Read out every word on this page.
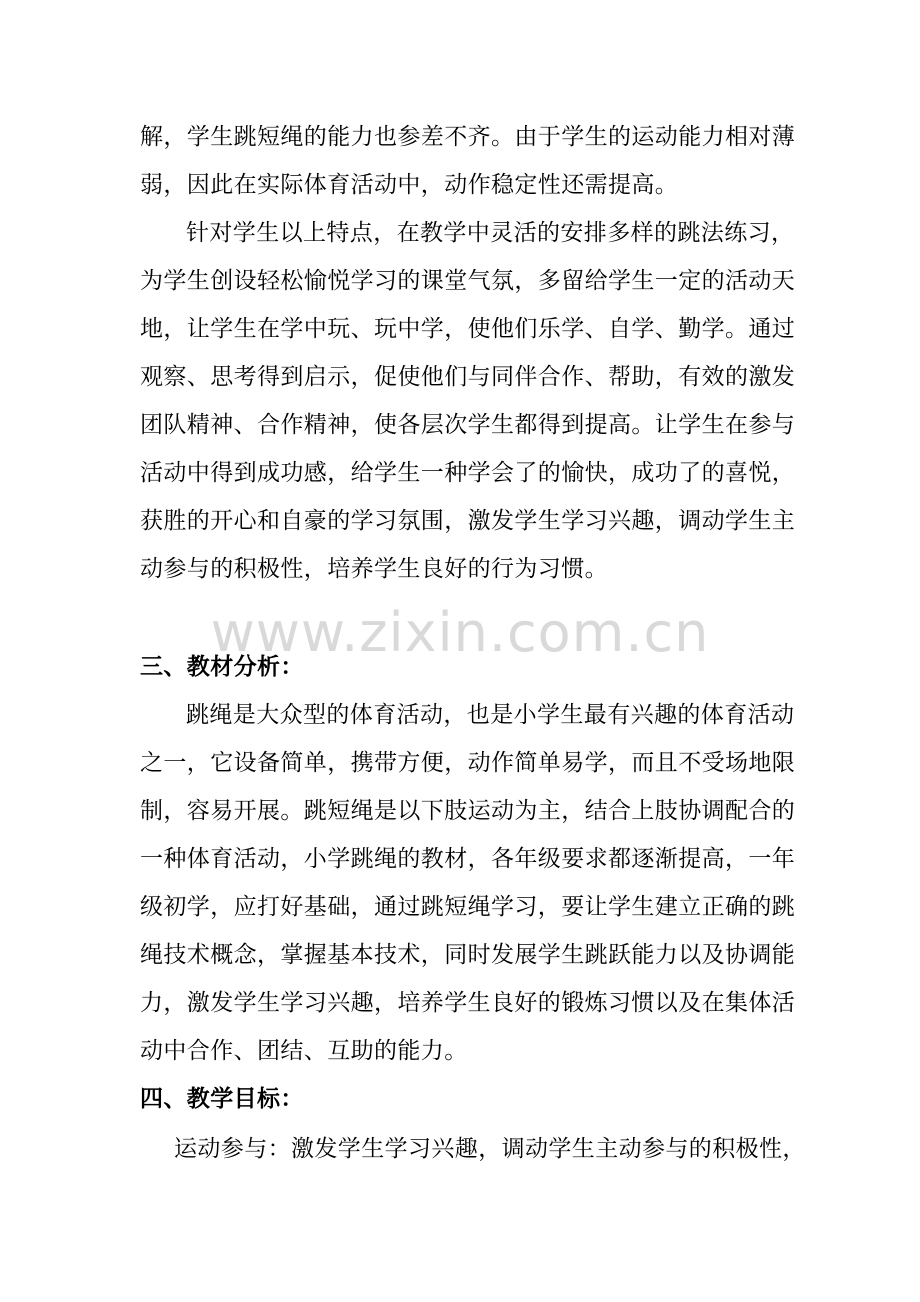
解，学生跳短绳的能力也参差不齐。由于学生的运动能力相对薄
弱，因此在实际体育活动中，动作稳定性还需提高。
针对学生以上特点，在教学中灵活的安排多样的跳法练习，
为学生创设轻松愉悦学习的课堂气氛，多留给学生一定的活动天
地，让学生在学中玩、玩中学，使他们乐学、自学、勤学。通过
观察、思考得到启示，促使他们与同伴合作、帮助，有效的激发
团队精神、合作精神，使各层次学生都得到提高。让学生在参与
活动中得到成功感，给学生一种学会了的愉快，成功了的喜悦，
获胜的开心和自豪的学习氛围，激发学生学习兴趣，调动学生主
动参与的积极性，培养学生良好的行为习惯。
www.zixin.com.cn
三、教材分析：
跳绳是大众型的体育活动，也是小学生最有兴趣的体育活动
之一，它设备简单，携带方便，动作简单易学，而且不受场地限
制，容易开展。跳短绳是以下肢运动为主，结合上肢协调配合的
一种体育活动，小学跳绳的教材，各年级要求都逐渐提高，一年
级初学，应打好基础，通过跳短绳学习，要让学生建立正确的跳
绳技术概念，掌握基本技术，同时发展学生跳跃能力以及协调能
力，激发学生学习兴趣，培养学生良好的锻炼习惯以及在集体活
动中合作、团结、互助的能力。
四、教学目标：
运动参与：激发学生学习兴趣，调动学生主动参与的积极性，
